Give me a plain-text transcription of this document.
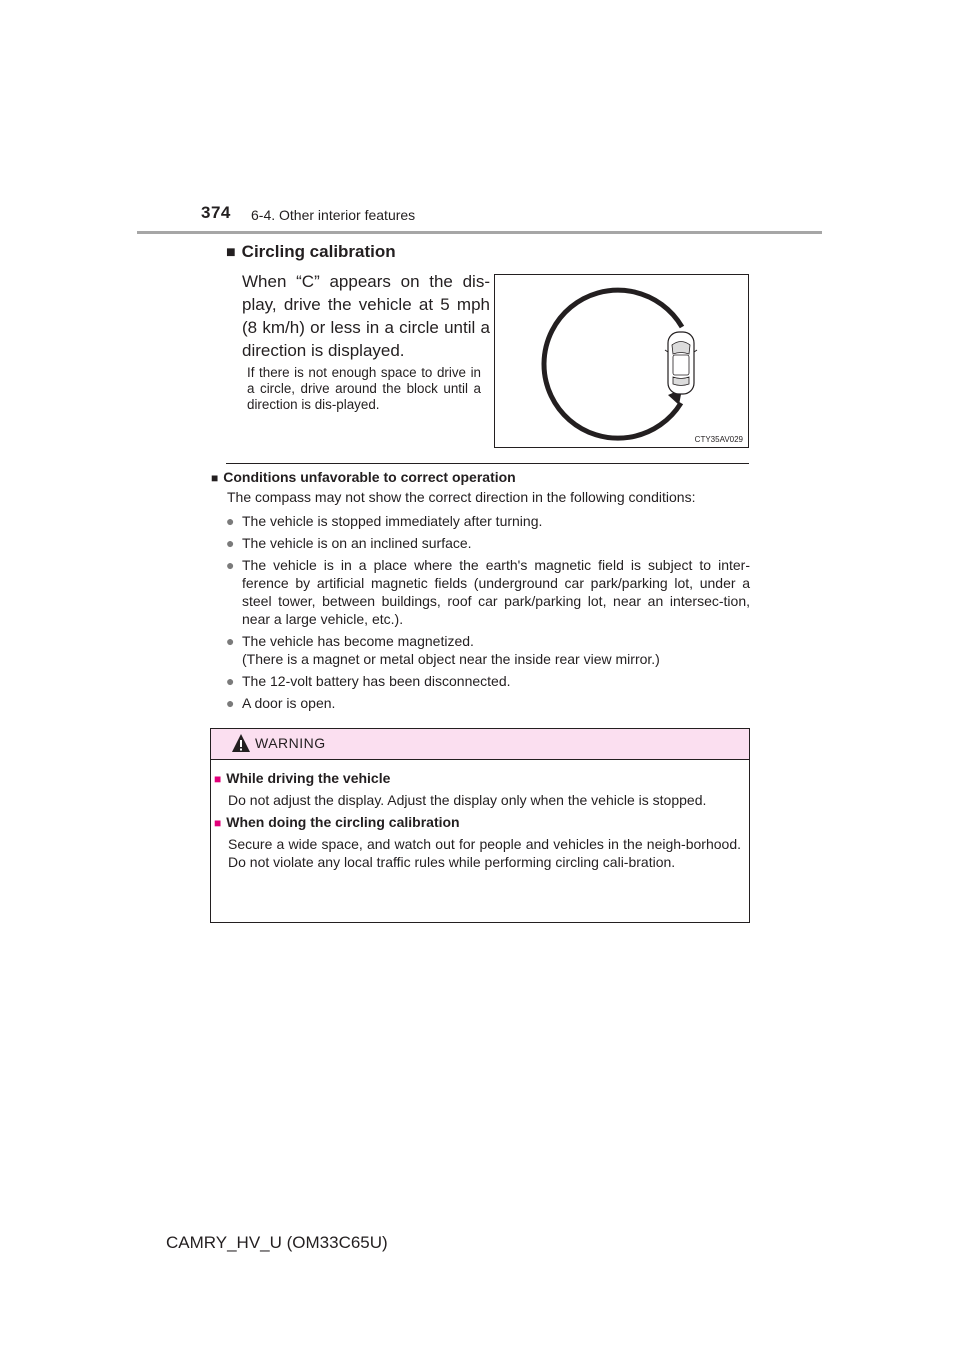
374 6-4. Other interior features
■ Circling calibration
When “C” appears on the dis-play, drive the vehicle at 5 mph (8 km/h) or less in a circle until a direction is displayed.
If there is not enough space to drive in a circle, drive around the block until a direction is dis-played.
CTY35AV029
■ Conditions unfavorable to correct operation
The compass may not show the correct direction in the following conditions:
● The vehicle is stopped immediately after turning.
● The vehicle is on an inclined surface.
● The vehicle is in a place where the earth's magnetic field is subject to inter-ference by artificial magnetic fields (underground car park/parking lot, under a steel tower, between buildings, roof car park/parking lot, near an intersec-tion, near a large vehicle, etc.).
● The vehicle has become magnetized.
(There is a magnet or metal object near the inside rear view mirror.)
● The 12-volt battery has been disconnected.
● A door is open.
WARNING
■ While driving the vehicle
Do not adjust the display. Adjust the display only when the vehicle is stopped.
■ When doing the circling calibration
Secure a wide space, and watch out for people and vehicles in the neigh-borhood. Do not violate any local traffic rules while performing circling cali-bration.
CAMRY_HV_U (OM33C65U)
